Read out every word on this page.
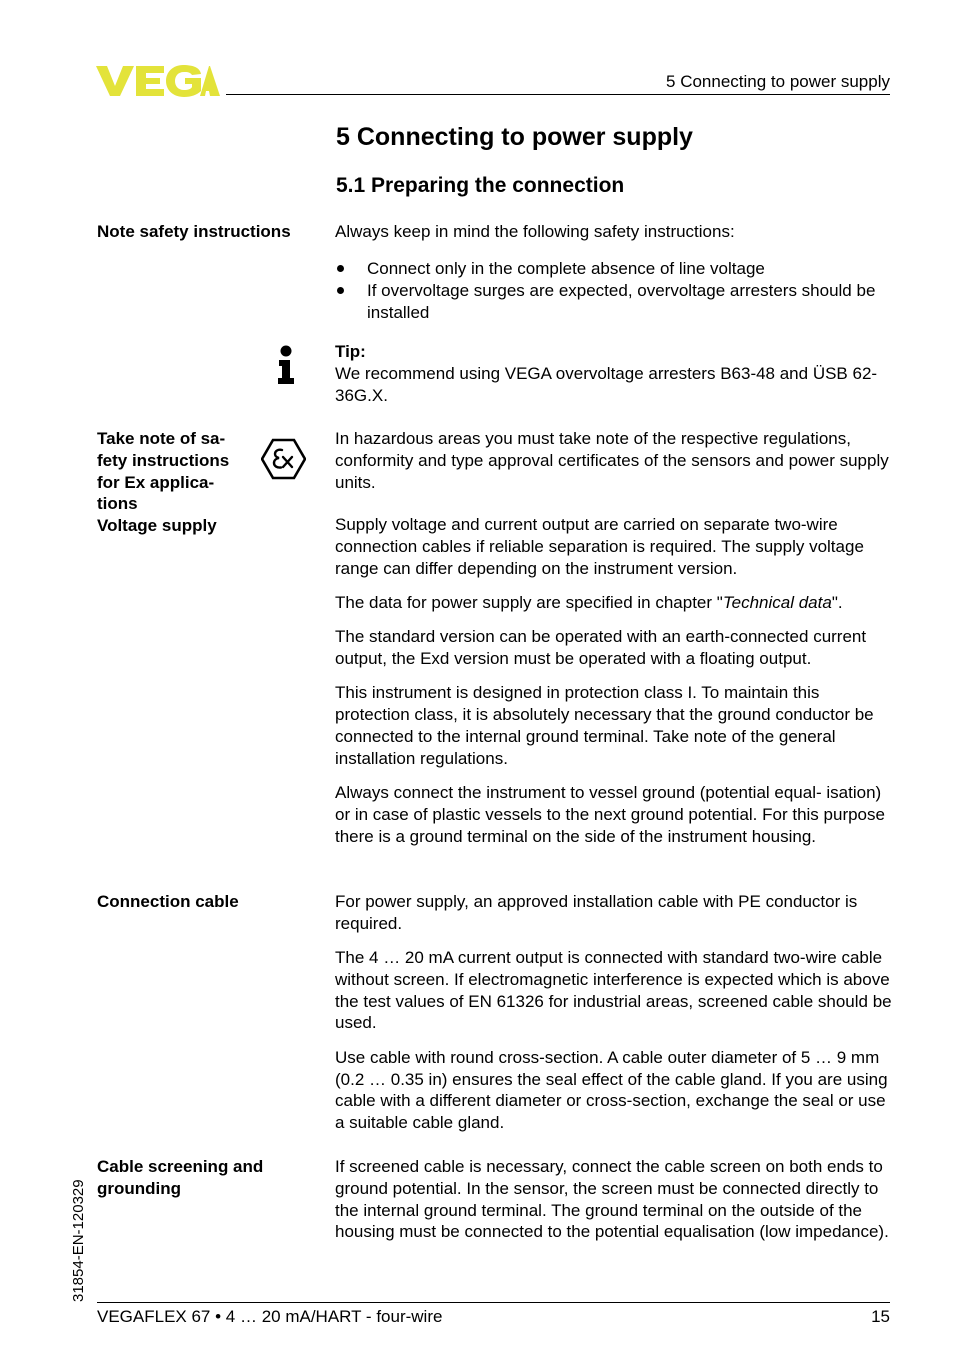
5 Connecting to power supply
5 Connecting to power supply
5.1 Preparing the connection
Note safety instructions
Take note of sa-
fety instructions
for Ex applica-
tions
Voltage supply
Connection cable
Cable screening and
grounding

Always keep in mind the following safety instructions:

Connect only in the complete absence of line voltage
If overvoltage surges are expected, overvoltage arresters should be installed
Tip:
We recommend using VEGA overvoltage arresters B63-48 and ÜSB 62-36G.X.

In hazardous areas you must take note of the respective regulations, conformity and type approval certificates of the sensors and power supply units.

Supply voltage and current output are carried on separate two-wire connection cables if reliable separation is required. The supply voltage range can differ depending on the instrument version.

The data for power supply are specified in chapter "Technical data".

The standard version can be operated with an earth-connected current output, the Exd version must be operated with a floating output.

This instrument is designed in protection class I. To maintain this protection class, it is absolutely necessary that the ground conductor be connected to the internal ground terminal. Take note of the general installation regulations.

Always connect the instrument to vessel ground (potential equal- isation) or in case of plastic vessels to the next ground potential. For this purpose there is a ground terminal on the side of the instrument housing.

For power supply, an approved installation cable with PE conductor is required.

The 4 … 20 mA current output is connected with standard two-wire cable without screen. If electromagnetic interference is expected which is above the test values of EN 61326 for industrial areas, screened cable should be used.

Use cable with round cross-section. A cable outer diameter of 5 … 9 mm (0.2 … 0.35 in) ensures the seal effect of the cable gland. If you are using cable with a different diameter or cross-section, exchange the seal or use a suitable cable gland.

If screened cable is necessary, connect the cable screen on both ends to ground potential. In the sensor, the screen must be connected directly to the internal ground terminal. The ground terminal on the outside of the housing must be connected to the potential equalisation (low impedance).

31854-EN-120329
VEGAFLEX 67 • 4 … 20 mA/HART - four-wire	15
